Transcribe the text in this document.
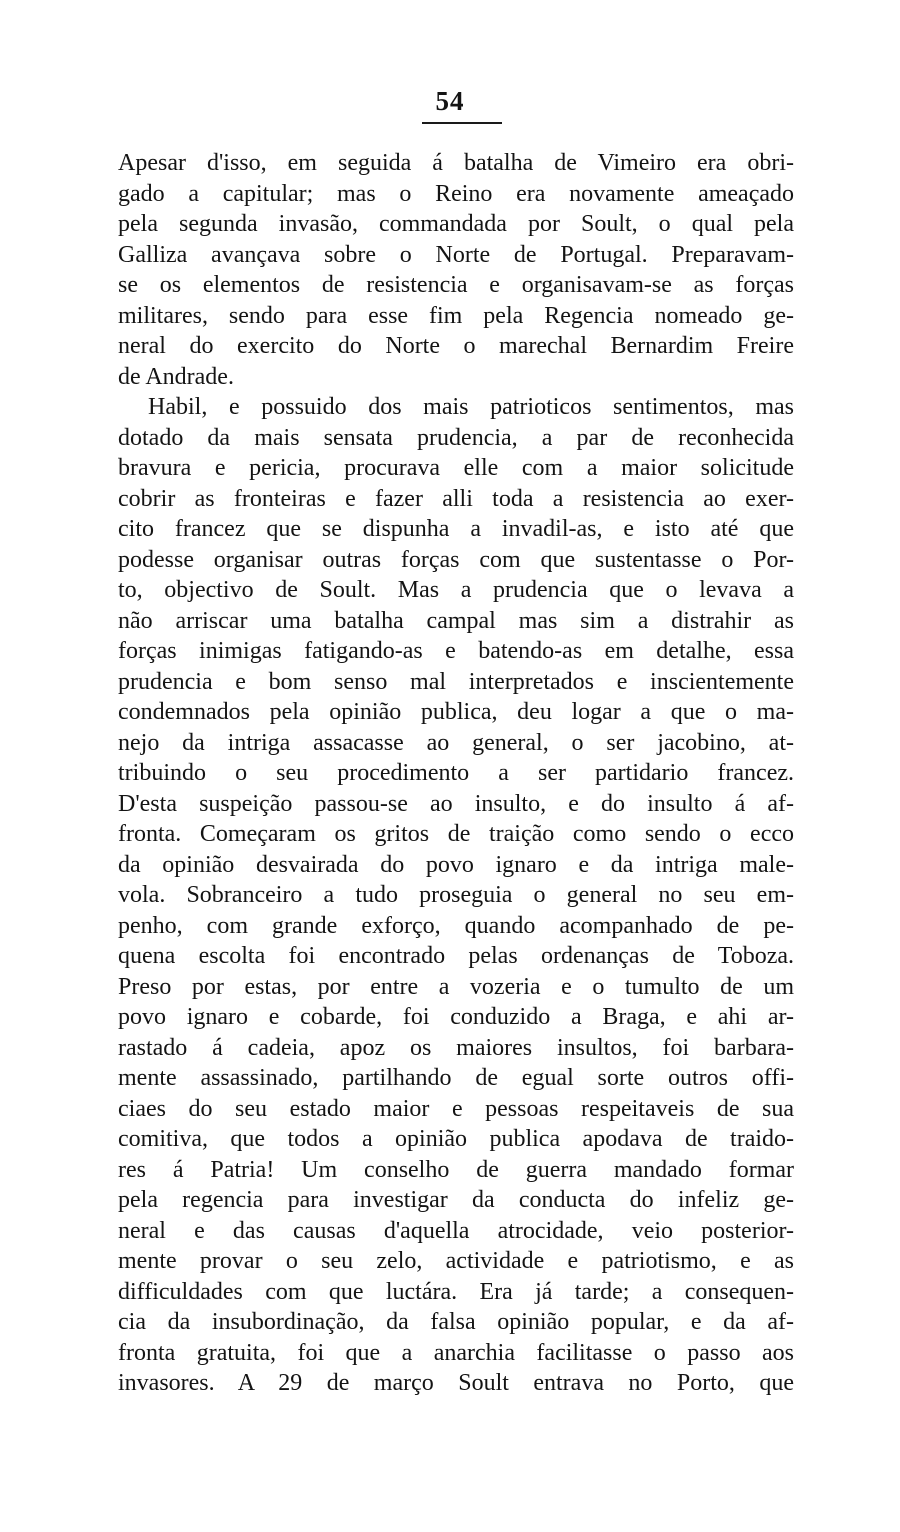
54
Apesar d'isso, em seguida á batalha de Vimeiro era obri-
gado a capitular; mas o Reino era novamente ameaçado
pela segunda invasão, commandada por Soult, o qual pela
Galliza avançava sobre o Norte de Portugal. Preparavam-
se os elementos de resistencia e organisavam-se as forças
militares, sendo para esse fim pela Regencia nomeado ge-
neral do exercito do Norte o marechal Bernardim Freire
de Andrade.
Habil, e possuido dos mais patrioticos sentimentos, mas
dotado da mais sensata prudencia, a par de reconhecida
bravura e pericia, procurava elle com a maior solicitude
cobrir as fronteiras e fazer alli toda a resistencia ao exer-
cito francez que se dispunha a invadil-as, e isto até que
podesse organisar outras forças com que sustentasse o Por-
to, objectivo de Soult. Mas a prudencia que o levava a
não arriscar uma batalha campal mas sim a distrahir as
forças inimigas fatigando-as e batendo-as em detalhe, essa
prudencia e bom senso mal interpretados e inscientemente
condemnados pela opinião publica, deu logar a que o ma-
nejo da intriga assacasse ao general, o ser jacobino, at-
tribuindo o seu procedimento a ser partidario francez.
D'esta suspeição passou-se ao insulto, e do insulto á af-
fronta. Começaram os gritos de traição como sendo o ecco
da opinião desvairada do povo ignaro e da intriga male-
vola. Sobranceiro a tudo proseguia o general no seu em-
penho, com grande exforço, quando acompanhado de pe-
quena escolta foi encontrado pelas ordenanças de Toboza.
Preso por estas, por entre a vozeria e o tumulto de um
povo ignaro e cobarde, foi conduzido a Braga, e ahi ar-
rastado á cadeia, apoz os maiores insultos, foi barbara-
mente assassinado, partilhando de egual sorte outros offi-
ciaes do seu estado maior e pessoas respeitaveis de sua
comitiva, que todos a opinião publica apodava de traido-
res á Patria! Um conselho de guerra mandado formar
pela regencia para investigar da conducta do infeliz ge-
neral e das causas d'aquella atrocidade, veio posterior-
mente provar o seu zelo, actividade e patriotismo, e as
difficuldades com que luctára. Era já tarde; a consequen-
cia da insubordinação, da falsa opinião popular, e da af-
fronta gratuita, foi que a anarchia facilitasse o passo aos
invasores. A 29 de março Soult entrava no Porto, que
